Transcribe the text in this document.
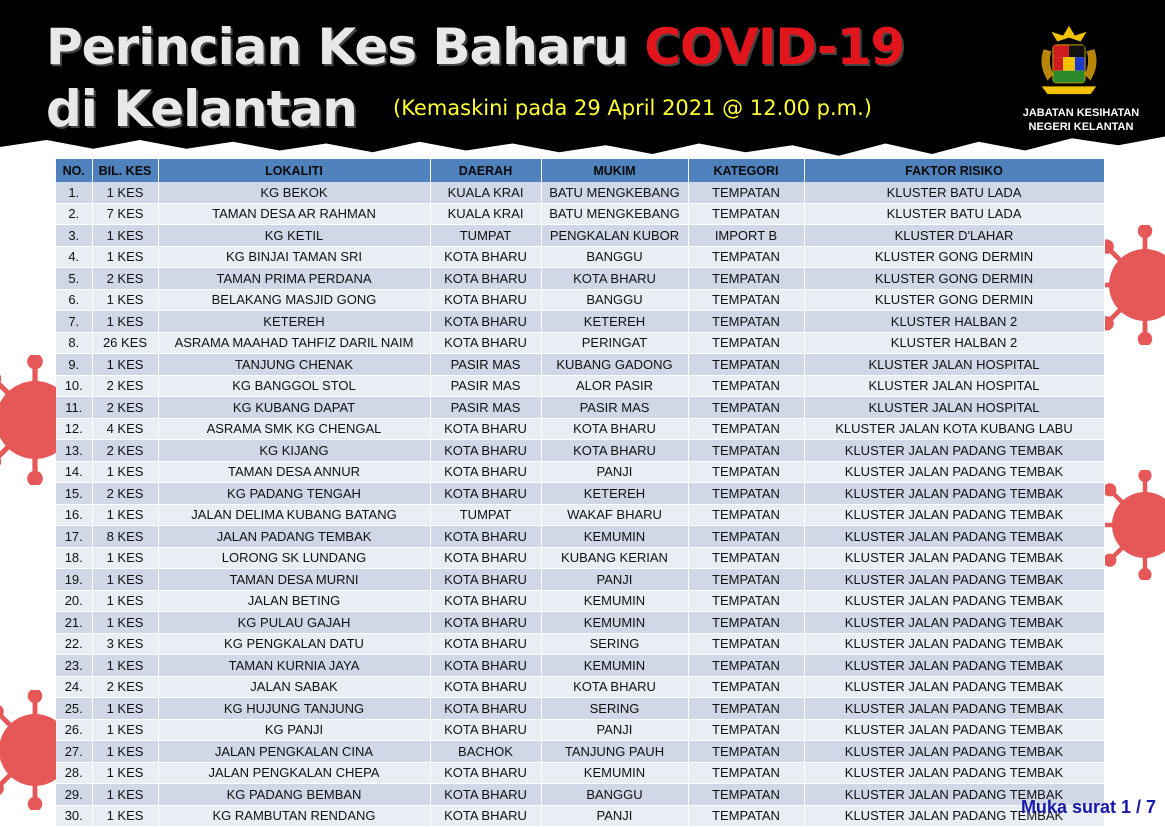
Perincian Kes Baharu COVID-19
di Kelantan (Kemaskini pada 29 April 2021 @ 12.00 p.m.)	JABATAN KESIHATAN
NEGERI KELANTAN
NO.	BIL. KES	LOKALITI	DAERAH	MUKIM	KATEGORI	FAKTOR RISIKO
1.	1 KES	KG BEKOK	KUALA KRAI	BATU MENGKEBANG	TEMPATAN	KLUSTER BATU LADA
2.	7 KES	TAMAN DESA AR RAHMAN	KUALA KRAI	BATU MENGKEBANG	TEMPATAN	KLUSTER BATU LADA
3.	1 KES	KG KETIL	TUMPAT	PENGKALAN KUBOR	IMPORT B	KLUSTER D'LAHAR
4.	1 KES	KG BINJAI TAMAN SRI	KOTA BHARU	BANGGU	TEMPATAN	KLUSTER GONG DERMIN
5.	2 KES	TAMAN PRIMA PERDANA	KOTA BHARU	KOTA BHARU	TEMPATAN	KLUSTER GONG DERMIN
6.	1 KES	BELAKANG MASJID GONG	KOTA BHARU	BANGGU	TEMPATAN	KLUSTER GONG DERMIN
7.	1 KES	KETEREH	KOTA BHARU	KETEREH	TEMPATAN	KLUSTER HALBAN 2
8.	26 KES	ASRAMA MAAHAD TAHFIZ DARIL NAIM	KOTA BHARU	PERINGAT	TEMPATAN	KLUSTER HALBAN 2
9.	1 KES	TANJUNG CHENAK	PASIR MAS	KUBANG GADONG	TEMPATAN	KLUSTER JALAN HOSPITAL
10.	2 KES	KG BANGGOL STOL	PASIR MAS	ALOR PASIR	TEMPATAN	KLUSTER JALAN HOSPITAL
11.	2 KES	KG KUBANG DAPAT	PASIR MAS	PASIR MAS	TEMPATAN	KLUSTER JALAN HOSPITAL
12.	4 KES	ASRAMA SMK KG CHENGAL	KOTA BHARU	KOTA BHARU	TEMPATAN	KLUSTER JALAN KOTA KUBANG LABU
13.	2 KES	KG KIJANG	KOTA BHARU	KOTA BHARU	TEMPATAN	KLUSTER JALAN PADANG TEMBAK
14.	1 KES	TAMAN DESA ANNUR	KOTA BHARU	PANJI	TEMPATAN	KLUSTER JALAN PADANG TEMBAK
15.	2 KES	KG PADANG TENGAH	KOTA BHARU	KETEREH	TEMPATAN	KLUSTER JALAN PADANG TEMBAK
16.	1 KES	JALAN DELIMA KUBANG BATANG	TUMPAT	WAKAF BHARU	TEMPATAN	KLUSTER JALAN PADANG TEMBAK
17.	8 KES	JALAN PADANG TEMBAK	KOTA BHARU	KEMUMIN	TEMPATAN	KLUSTER JALAN PADANG TEMBAK
18.	1 KES	LORONG SK LUNDANG	KOTA BHARU	KUBANG KERIAN	TEMPATAN	KLUSTER JALAN PADANG TEMBAK
19.	1 KES	TAMAN DESA MURNI	KOTA BHARU	PANJI	TEMPATAN	KLUSTER JALAN PADANG TEMBAK
20.	1 KES	JALAN BETING	KOTA BHARU	KEMUMIN	TEMPATAN	KLUSTER JALAN PADANG TEMBAK
21.	1 KES	KG PULAU GAJAH	KOTA BHARU	KEMUMIN	TEMPATAN	KLUSTER JALAN PADANG TEMBAK
22.	3 KES	KG PENGKALAN DATU	KOTA BHARU	SERING	TEMPATAN	KLUSTER JALAN PADANG TEMBAK
23.	1 KES	TAMAN KURNIA JAYA	KOTA BHARU	KEMUMIN	TEMPATAN	KLUSTER JALAN PADANG TEMBAK
24.	2 KES	JALAN SABAK	KOTA BHARU	KOTA BHARU	TEMPATAN	KLUSTER JALAN PADANG TEMBAK
25.	1 KES	KG HUJUNG TANJUNG	KOTA BHARU	SERING	TEMPATAN	KLUSTER JALAN PADANG TEMBAK
26.	1 KES	KG PANJI	KOTA BHARU	PANJI	TEMPATAN	KLUSTER JALAN PADANG TEMBAK
27.	1 KES	JALAN PENGKALAN CINA	BACHOK	TANJUNG PAUH	TEMPATAN	KLUSTER JALAN PADANG TEMBAK
28.	1 KES	JALAN PENGKALAN CHEPA	KOTA BHARU	KEMUMIN	TEMPATAN	KLUSTER JALAN PADANG TEMBAK
29.	1 KES	KG PADANG BEMBAN	KOTA BHARU	BANGGU	TEMPATAN	KLUSTER JALAN PADANG TEMBAK
30.	1 KES	KG RAMBUTAN RENDANG	KOTA BHARU	PANJI	TEMPATAN	KLUSTER JALAN PADANG TEMBAK
Muka surat 1 / 7
